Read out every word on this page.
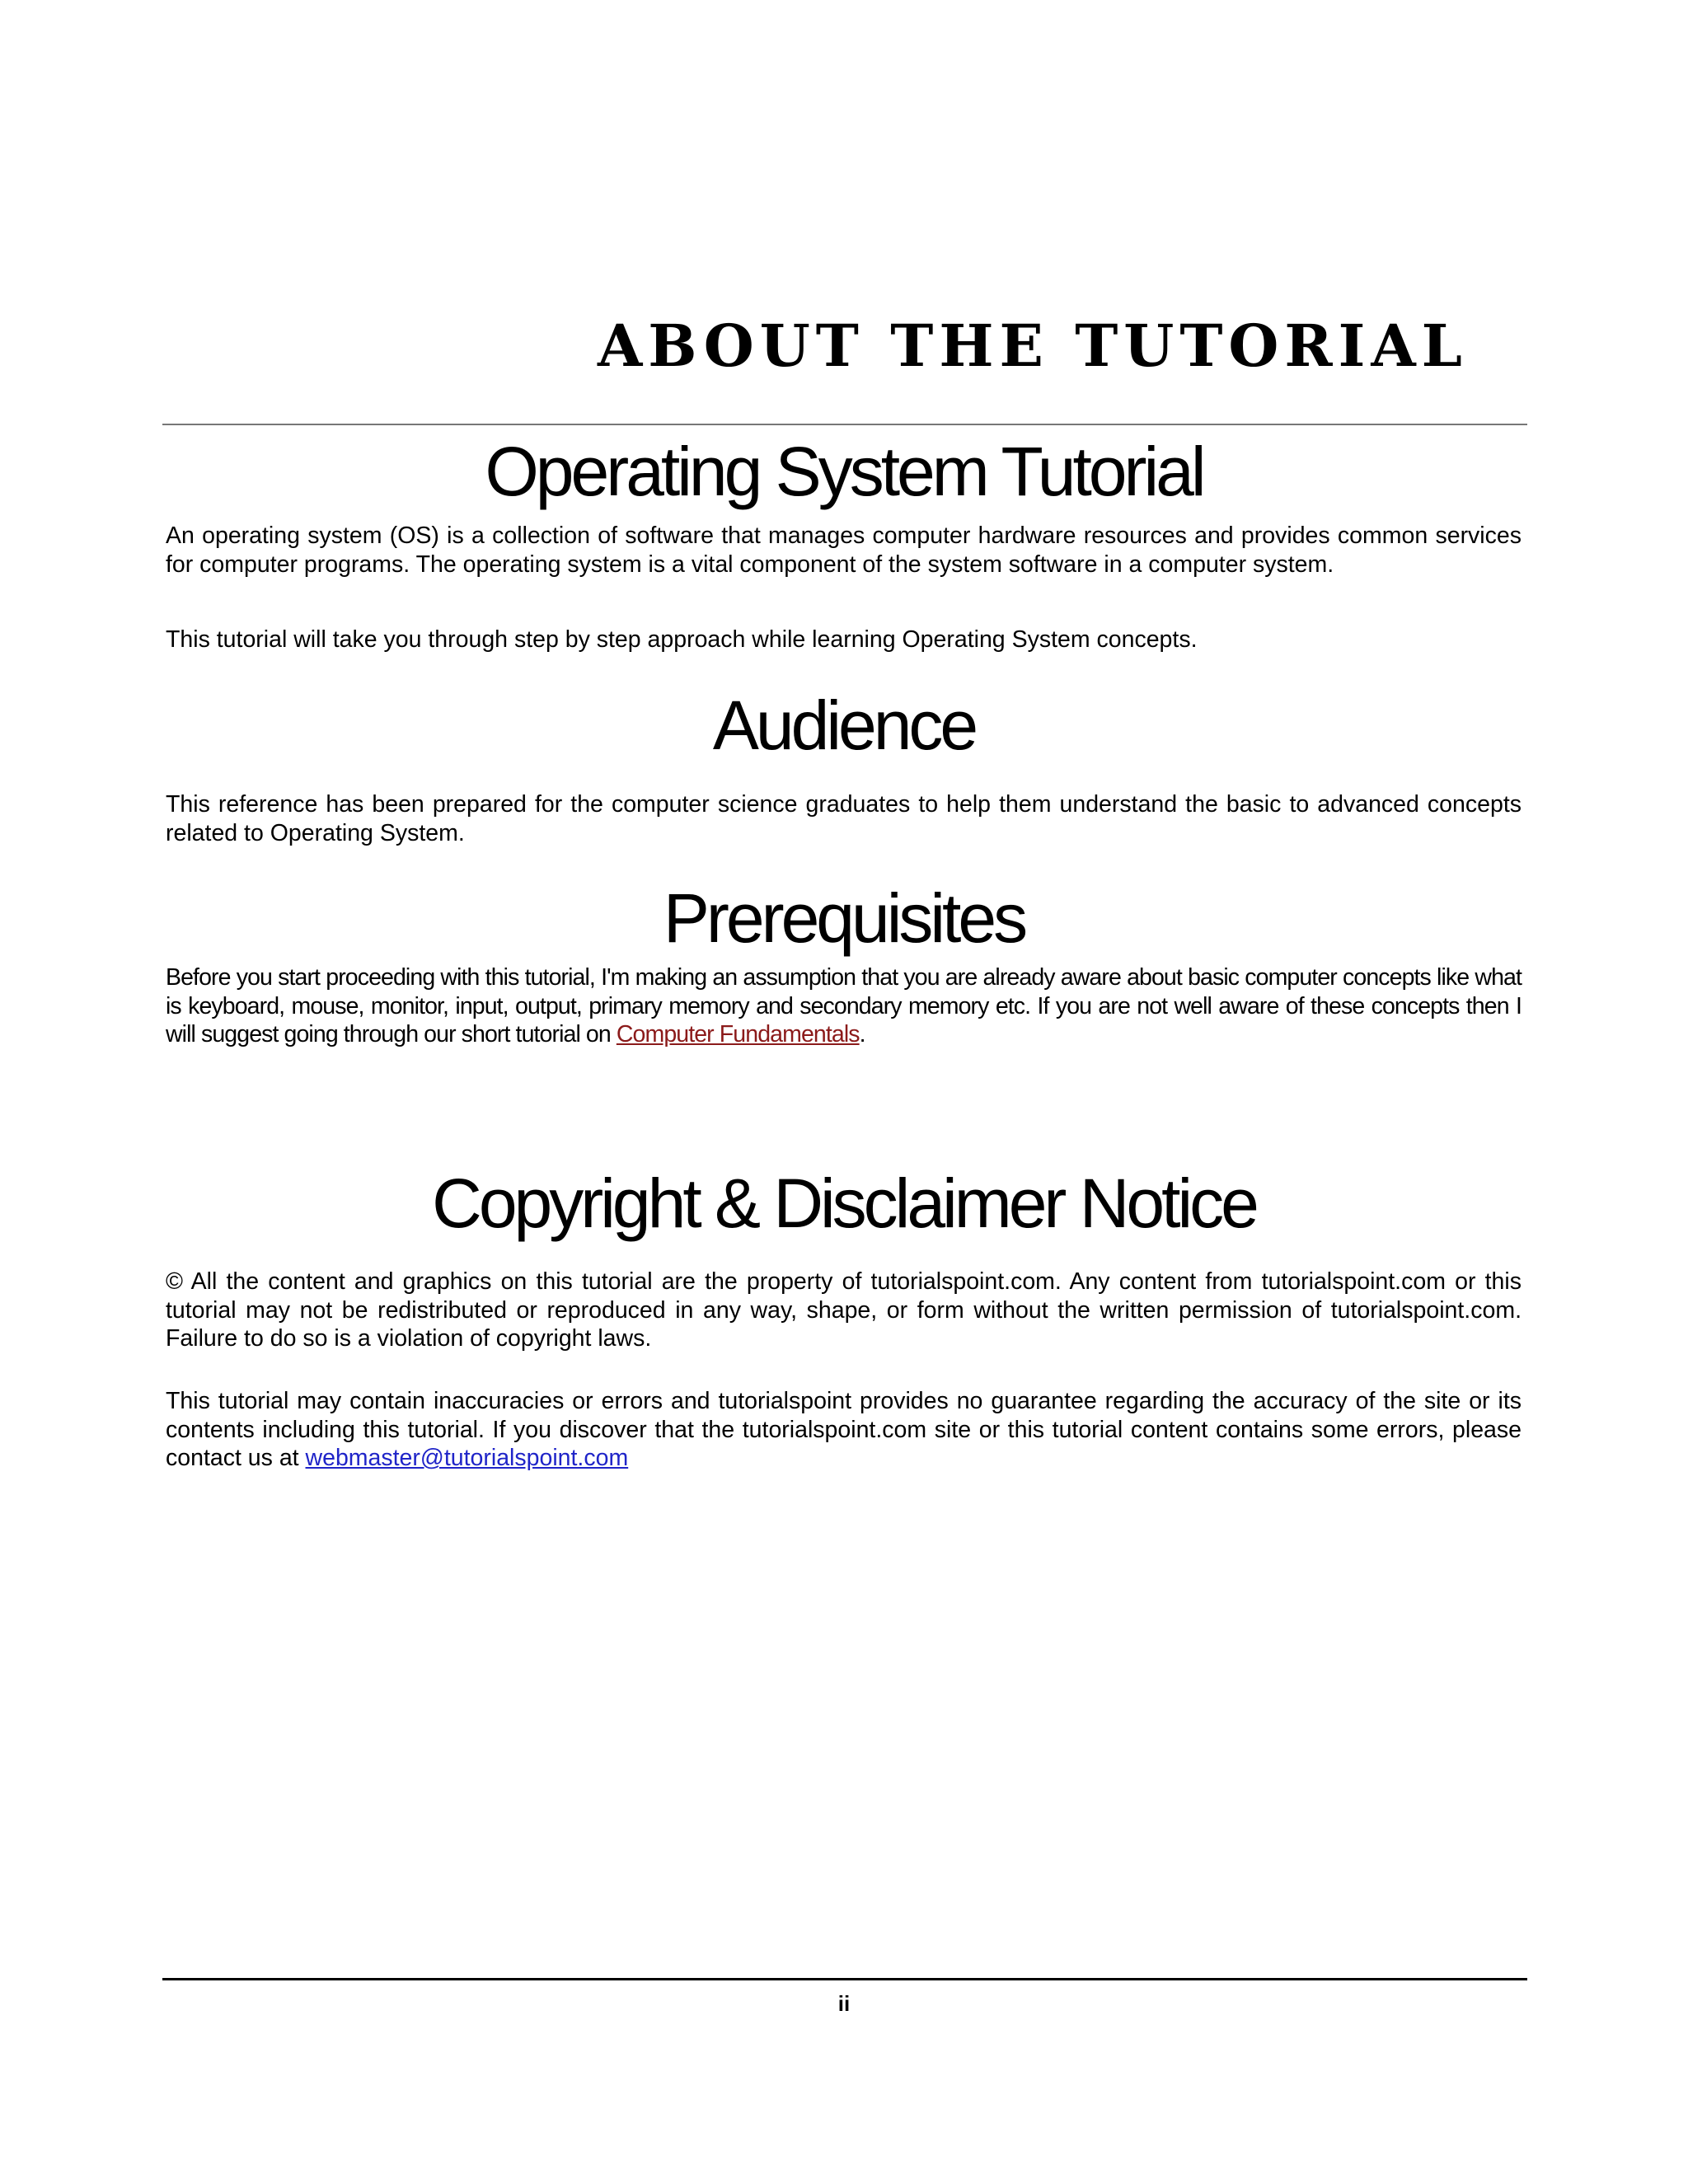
ABOUT THE TUTORIAL
Operating System Tutorial

An operating system (OS) is a collection of software that manages computer hardware resources and provides common services for computer programs. The operating system is a vital component of the system software in a computer system.

This tutorial will take you through step by step approach while learning Operating System concepts.

Audience

This reference has been prepared for the computer science graduates to help them understand the basic to advanced concepts related to Operating System.

Prerequisites

Before you start proceeding with this tutorial, I'm making an assumption that you are already aware about basic computer concepts like what is keyboard, mouse, monitor, input, output, primary memory and secondary memory etc. If you are not well aware of these concepts then I will suggest going through our short tutorial on Computer Fundamentals.

Copyright & Disclaimer Notice

© All the content and graphics on this tutorial are the property of tutorialspoint.com. Any content from tutorialspoint.com or this tutorial may not be redistributed or reproduced in any way, shape, or form without the written permission of tutorialspoint.com. Failure to do so is a violation of copyright laws.

This tutorial may contain inaccuracies or errors and tutorialspoint provides no guarantee regarding the accuracy of the site or its contents including this tutorial. If you discover that the tutorialspoint.com site or this tutorial content contains some errors, please contact us at webmaster@tutorialspoint.com

ii
